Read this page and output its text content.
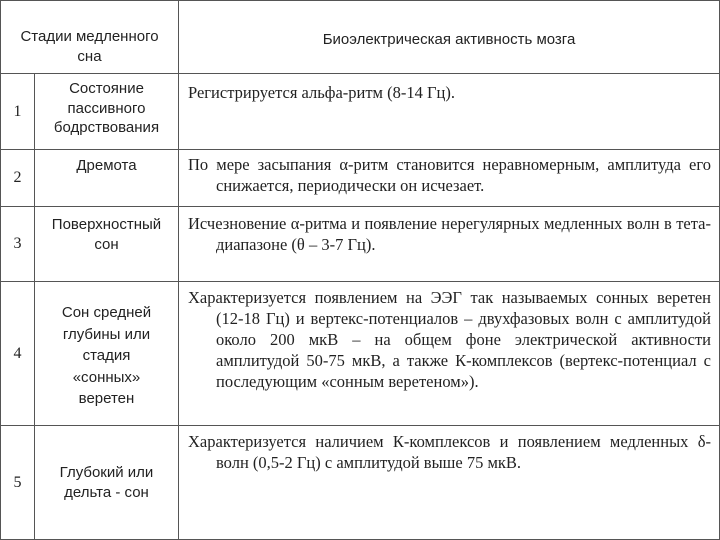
Стадии медленного сна		Биоэлектрическая активность мозга
1	Состояние пассивного бодрствования	Регистрируется альфа-ритм (8-14 Гц).

2	Дремота	По мере засыпания α-ритм становится неравномерным, амплитуда его снижается, периодически он исчезает.

3	Поверхностный сон	Исчезновение α-ритма и появление нерегулярных медленных волн в тета-диапазоне (θ – 3-7 Гц).

4	Сон средней глубины или стадия «сонных» веретен	Характеризуется появлением на ЭЭГ так называемых сонных веретен (12-18 Гц) и вертекс-потенциалов – двухфазовых волн с амплитудой около 200 мкВ – на общем фоне электрической активности амплитудой 50-75 мкВ, а также К-комплексов (вертекс-потенциал с последующим «сонным веретеном»).

5	Глубокий или дельта - сон	Характеризуется наличием К-комплексов и появлением медленных δ-волн (0,5-2 Гц) с амплитудой выше 75 мкВ.
